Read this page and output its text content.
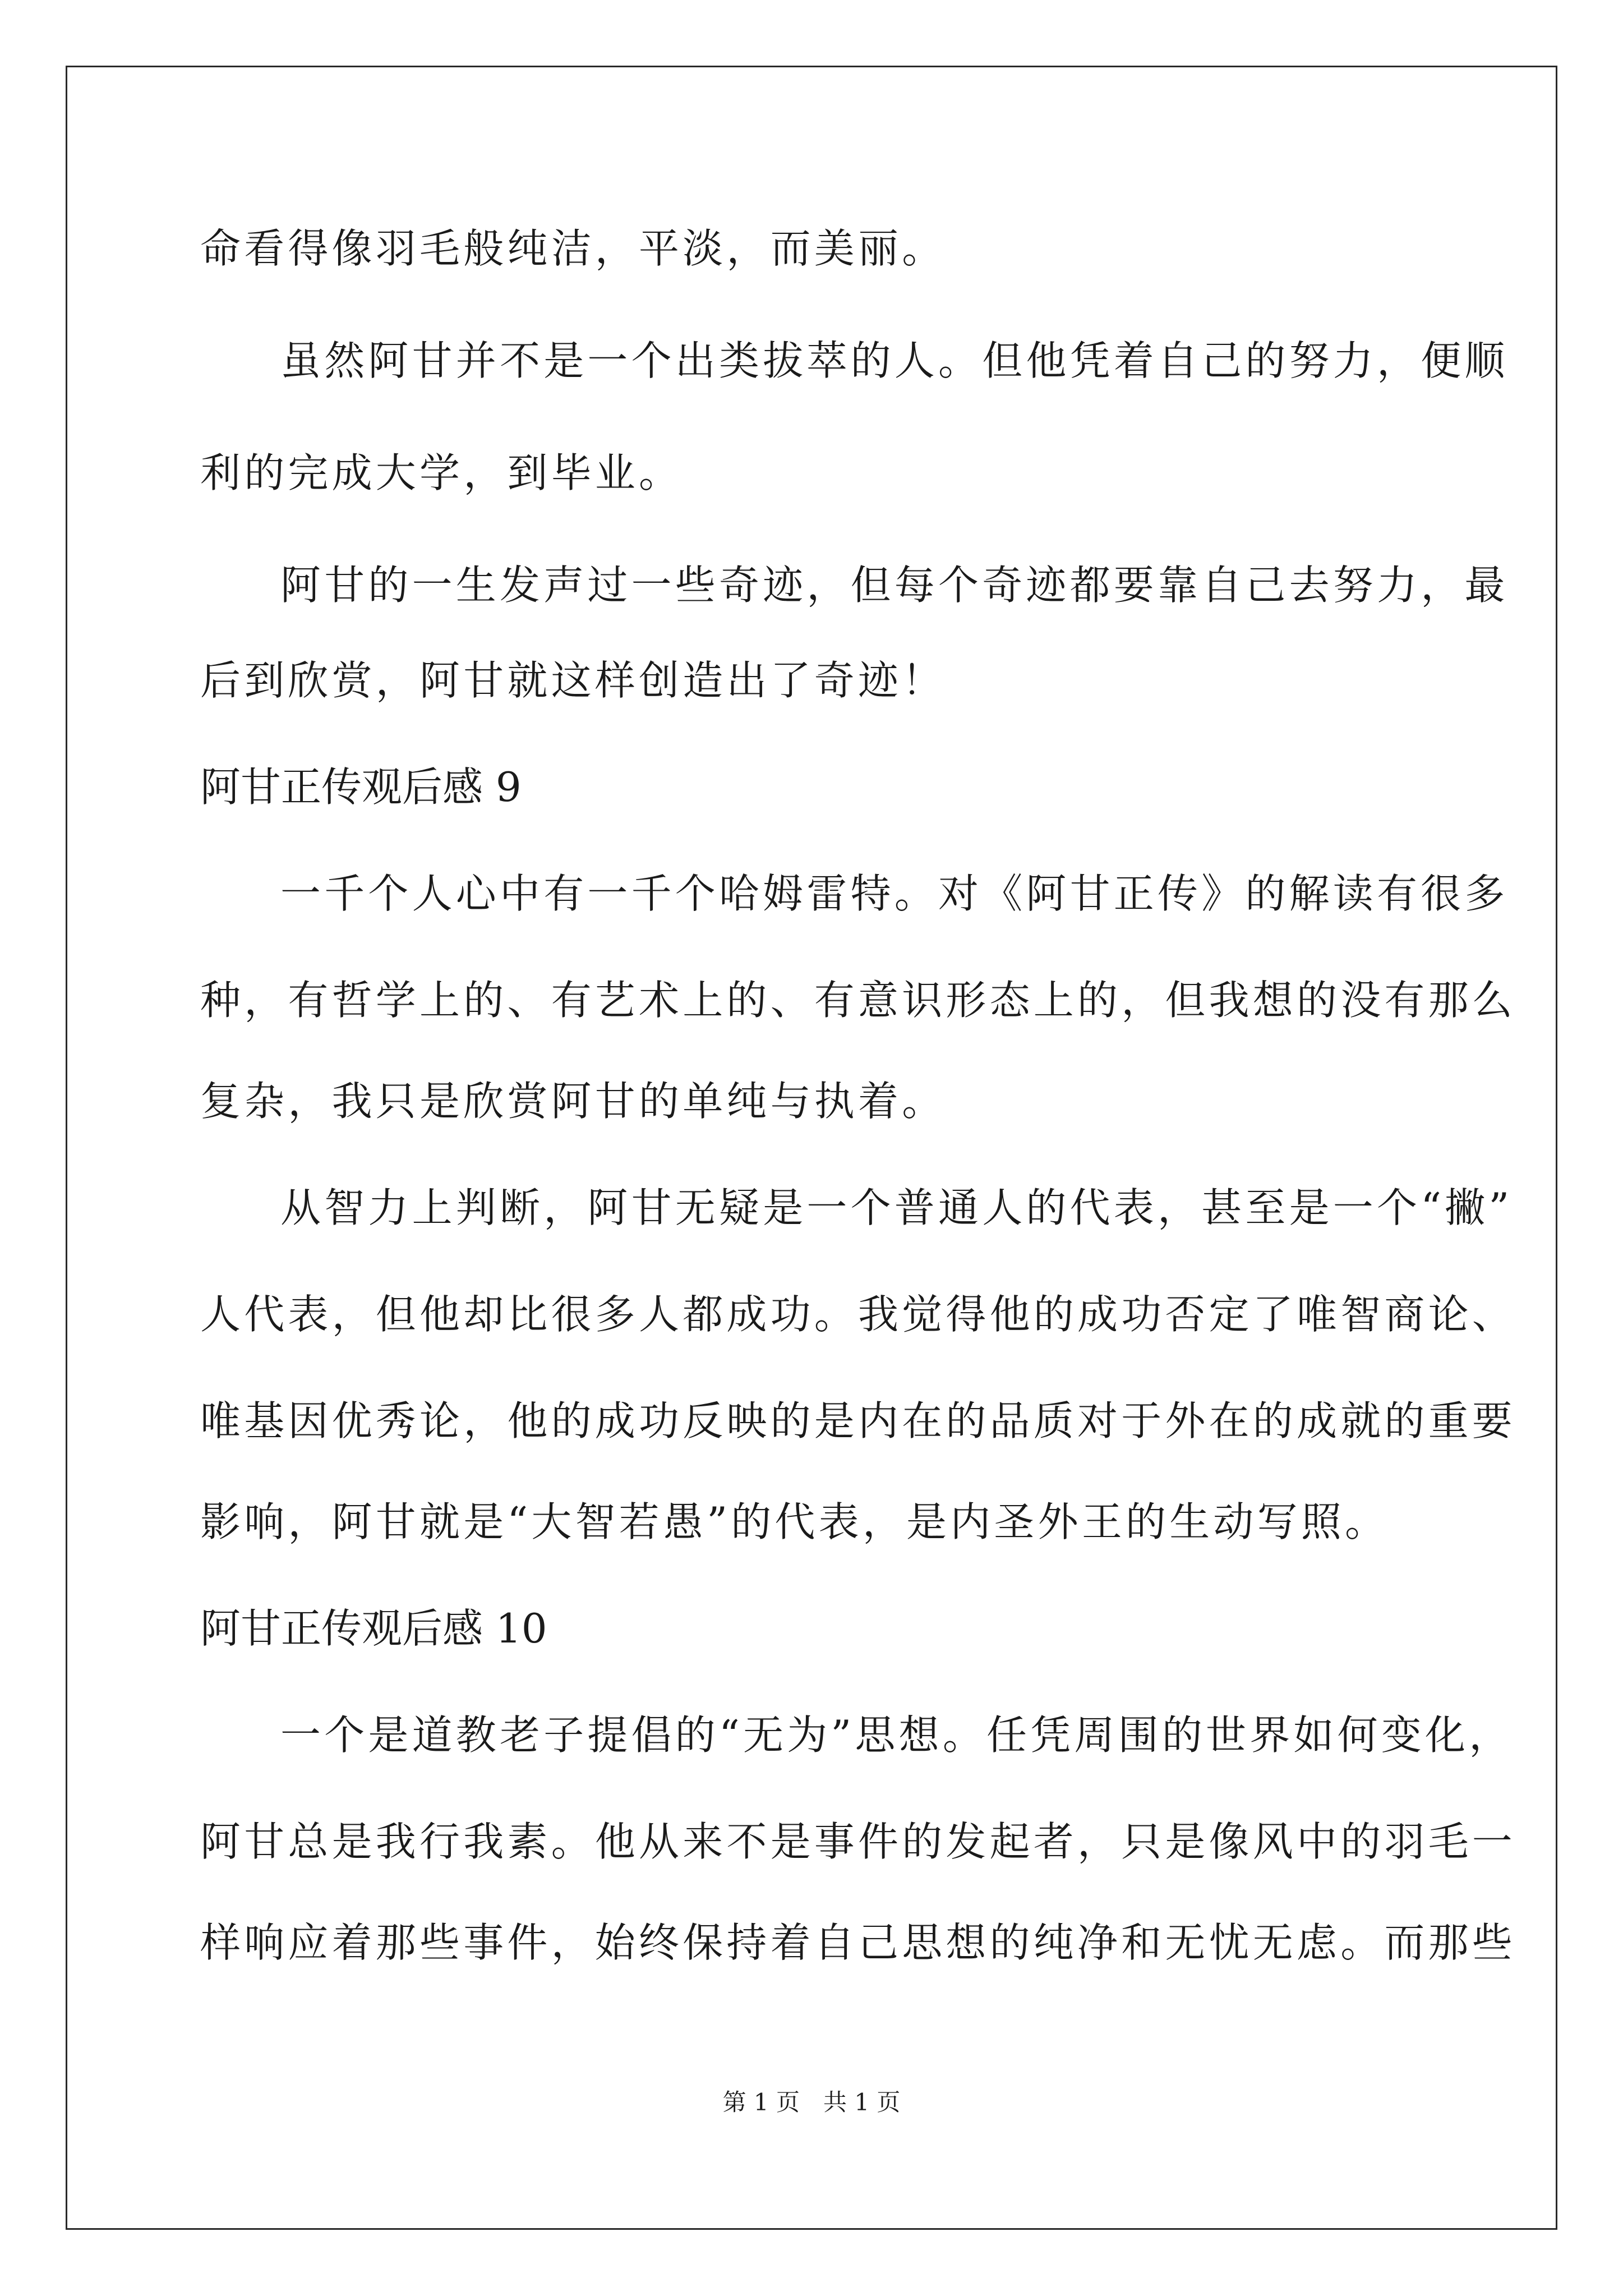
命看得像羽毛般纯洁，平淡，而美丽。
虽然阿甘并不是一个出类拔萃的人。但他凭着自己的努力，便顺
利的完成大学，到毕业。
阿甘的一生发声过一些奇迹，但每个奇迹都要靠自己去努力，最
后到欣赏，阿甘就这样创造出了奇迹！
阿甘正传观后感 9
一千个人心中有一千个哈姆雷特。对《阿甘正传》的解读有很多
种，有哲学上的、有艺术上的、有意识形态上的，但我想的没有那么
复杂，我只是欣赏阿甘的单纯与执着。
从智力上判断，阿甘无疑是一个普通人的代表，甚至是一个“撇”
人代表，但他却比很多人都成功。我觉得他的成功否定了唯智商论、
唯基因优秀论，他的成功反映的是内在的品质对于外在的成就的重要
影响，阿甘就是“大智若愚”的代表，是内圣外王的生动写照。
阿甘正传观后感 10
一个是道教老子提倡的“无为”思想。任凭周围的世界如何变化，
阿甘总是我行我素。他从来不是事件的发起者，只是像风中的羽毛一
样响应着那些事件，始终保持着自己思想的纯净和无忧无虑。而那些
第 1 页　共 1 页
